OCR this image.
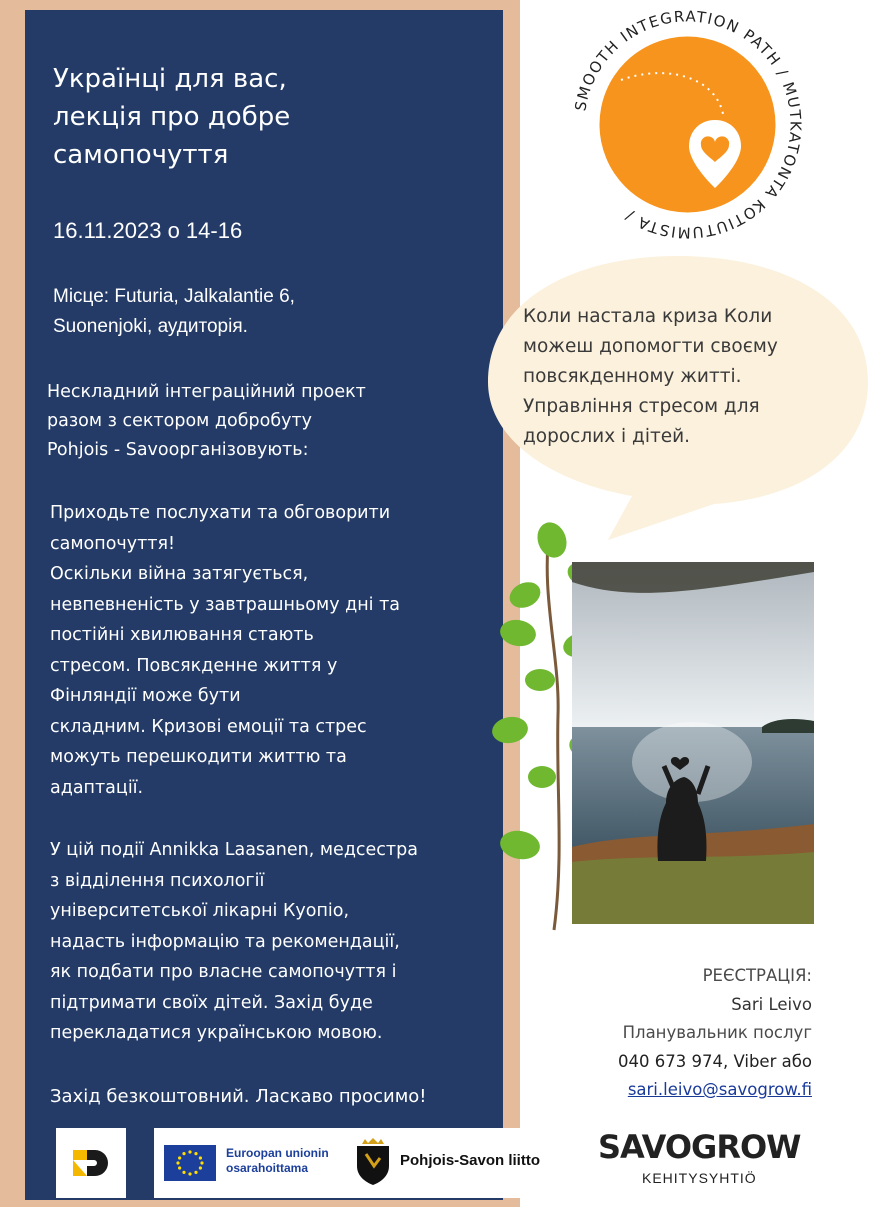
Українці для вас,
лекція про добре
самопочуття
16.11.2023 о 14-16
Місце: Futuria, Jalkalantie 6,
Suonenjoki, аудиторія.
Нескладний інтеграційний проект
разом з сектором добробуту
Pohjois - Savoорганізовують:

Приходьте послухати та обговорити
самопочуття!
Оскільки війна затягується,
невпевненість у завтрашньому дні та
постійні хвилювання стають
стресом. Повсякденне життя у
Фінляндії може бути
складним. Кризові емоції та стрес
можуть перешкодити життю та
адаптації.

У цій події Annikka Laasanen, медсестра
з відділення психології
університетської лікарні Куопіо,
надасть інформацію та рекомендації,
як подбати про власне самопочуття і
підтримати своїх дітей. Захід буде
перекладатися українською мовою.

Захід безкоштовний. Ласкаво просимо!
Euroopan unionin
osarahoittama	Pohjois-Savon liitto
Коли настала криза Коли
можеш допомогти своєму
повсякденному житті.
Управління стресом для
дорослих і дітей.
SMOOTH INTEGRATION PATH / MUTKATONTA KOTIUTUMISTA /
РЕЄСТРАЦІЯ:
Sari Leivo
Планувальник послуг
040 673 974, Viber або
sari.leivo@savogrow.fi
SAVOGROW
KEHITYSYHTIÖ
